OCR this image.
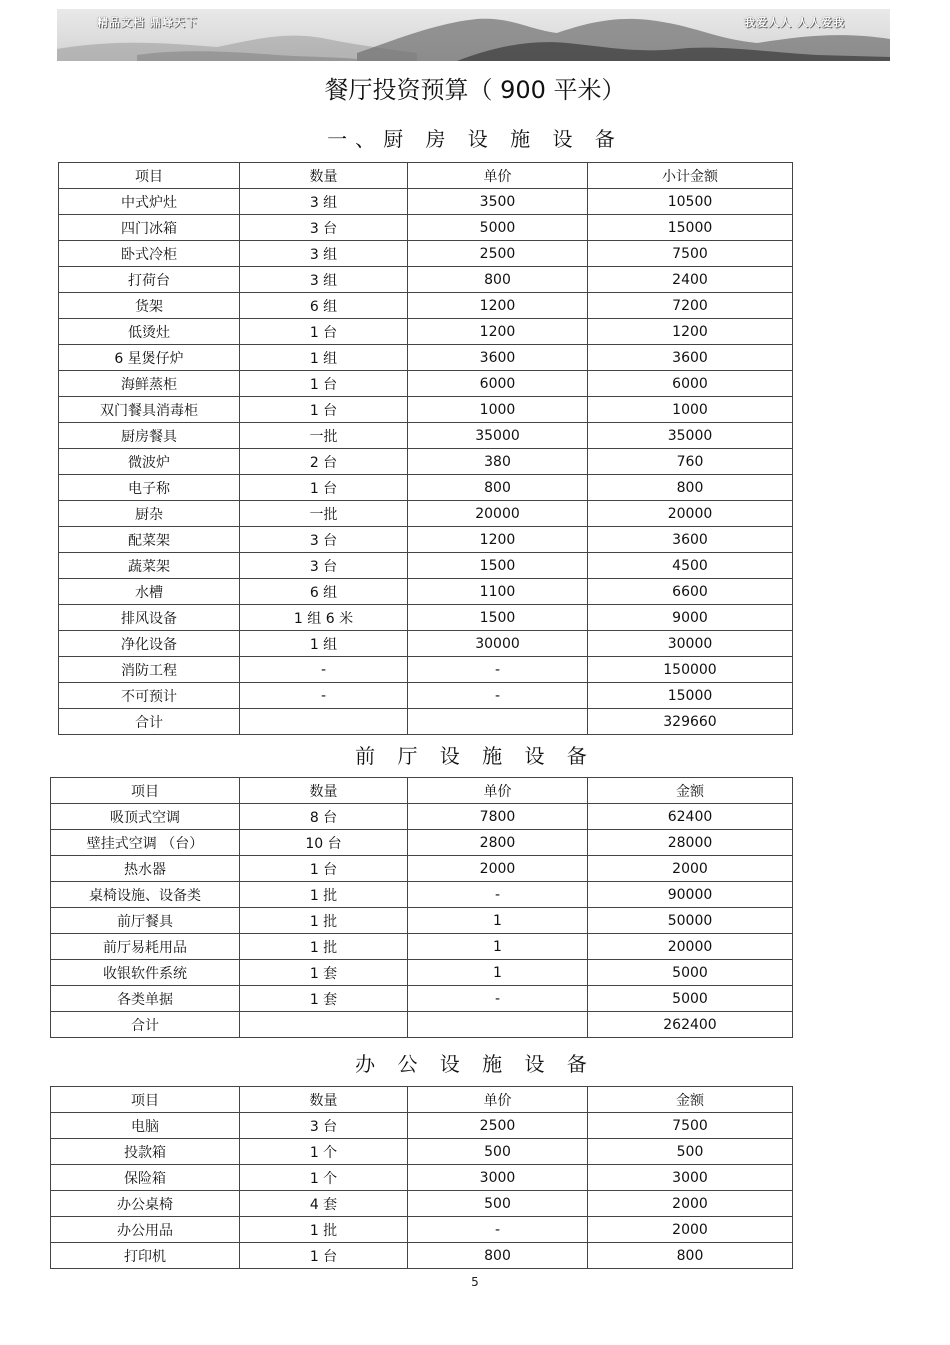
精品文档 鼎峰天下	我爱人人 人人爱我
餐厅投资预算（ 900 平米）
一、厨 房 设 施 设 备
项目	数量	单价	小计金额
中式炉灶	3 组	3500	10500
四门冰箱	3 台	5000	15000
卧式冷柜	3 组	2500	7500
打荷台	3 组	800	2400
货架	6 组	1200	7200
低烫灶	1 台	1200	1200
6 星煲仔炉	1 组	3600	3600
海鲜蒸柜	1 台	6000	6000
双门餐具消毒柜	1 台	1000	1000
厨房餐具	一批	35000	35000
微波炉	2 台	380	760
电子称	1 台	800	800
厨杂	一批	20000	20000
配菜架	3 台	1200	3600
蔬菜架	3 台	1500	4500
水槽	6 组	1100	6600
排风设备	1 组 6 米	1500	9000
净化设备	1 组	30000	30000
消防工程	-	-	150000
不可预计	-	-	15000
合计			329660
前 厅 设 施 设 备
项目	数量	单价	金额
吸顶式空调	8 台	7800	62400
壁挂式空调 （台）	10 台	2800	28000
热水器	1 台	2000	2000
桌椅设施、设备类	1 批	-	90000
前厅餐具	1 批	1	50000
前厅易耗用品	1 批	1	20000
收银软件系统	1 套	1	5000
各类单据	1 套	-	5000
合计			262400
办 公 设 施 设 备
项目	数量	单价	金额
电脑	3 台	2500	7500
投款箱	1 个	500	500
保险箱	1 个	3000	3000
办公桌椅	4 套	500	2000
办公用品	1 批	-	2000
打印机	1 台	800	800
5
